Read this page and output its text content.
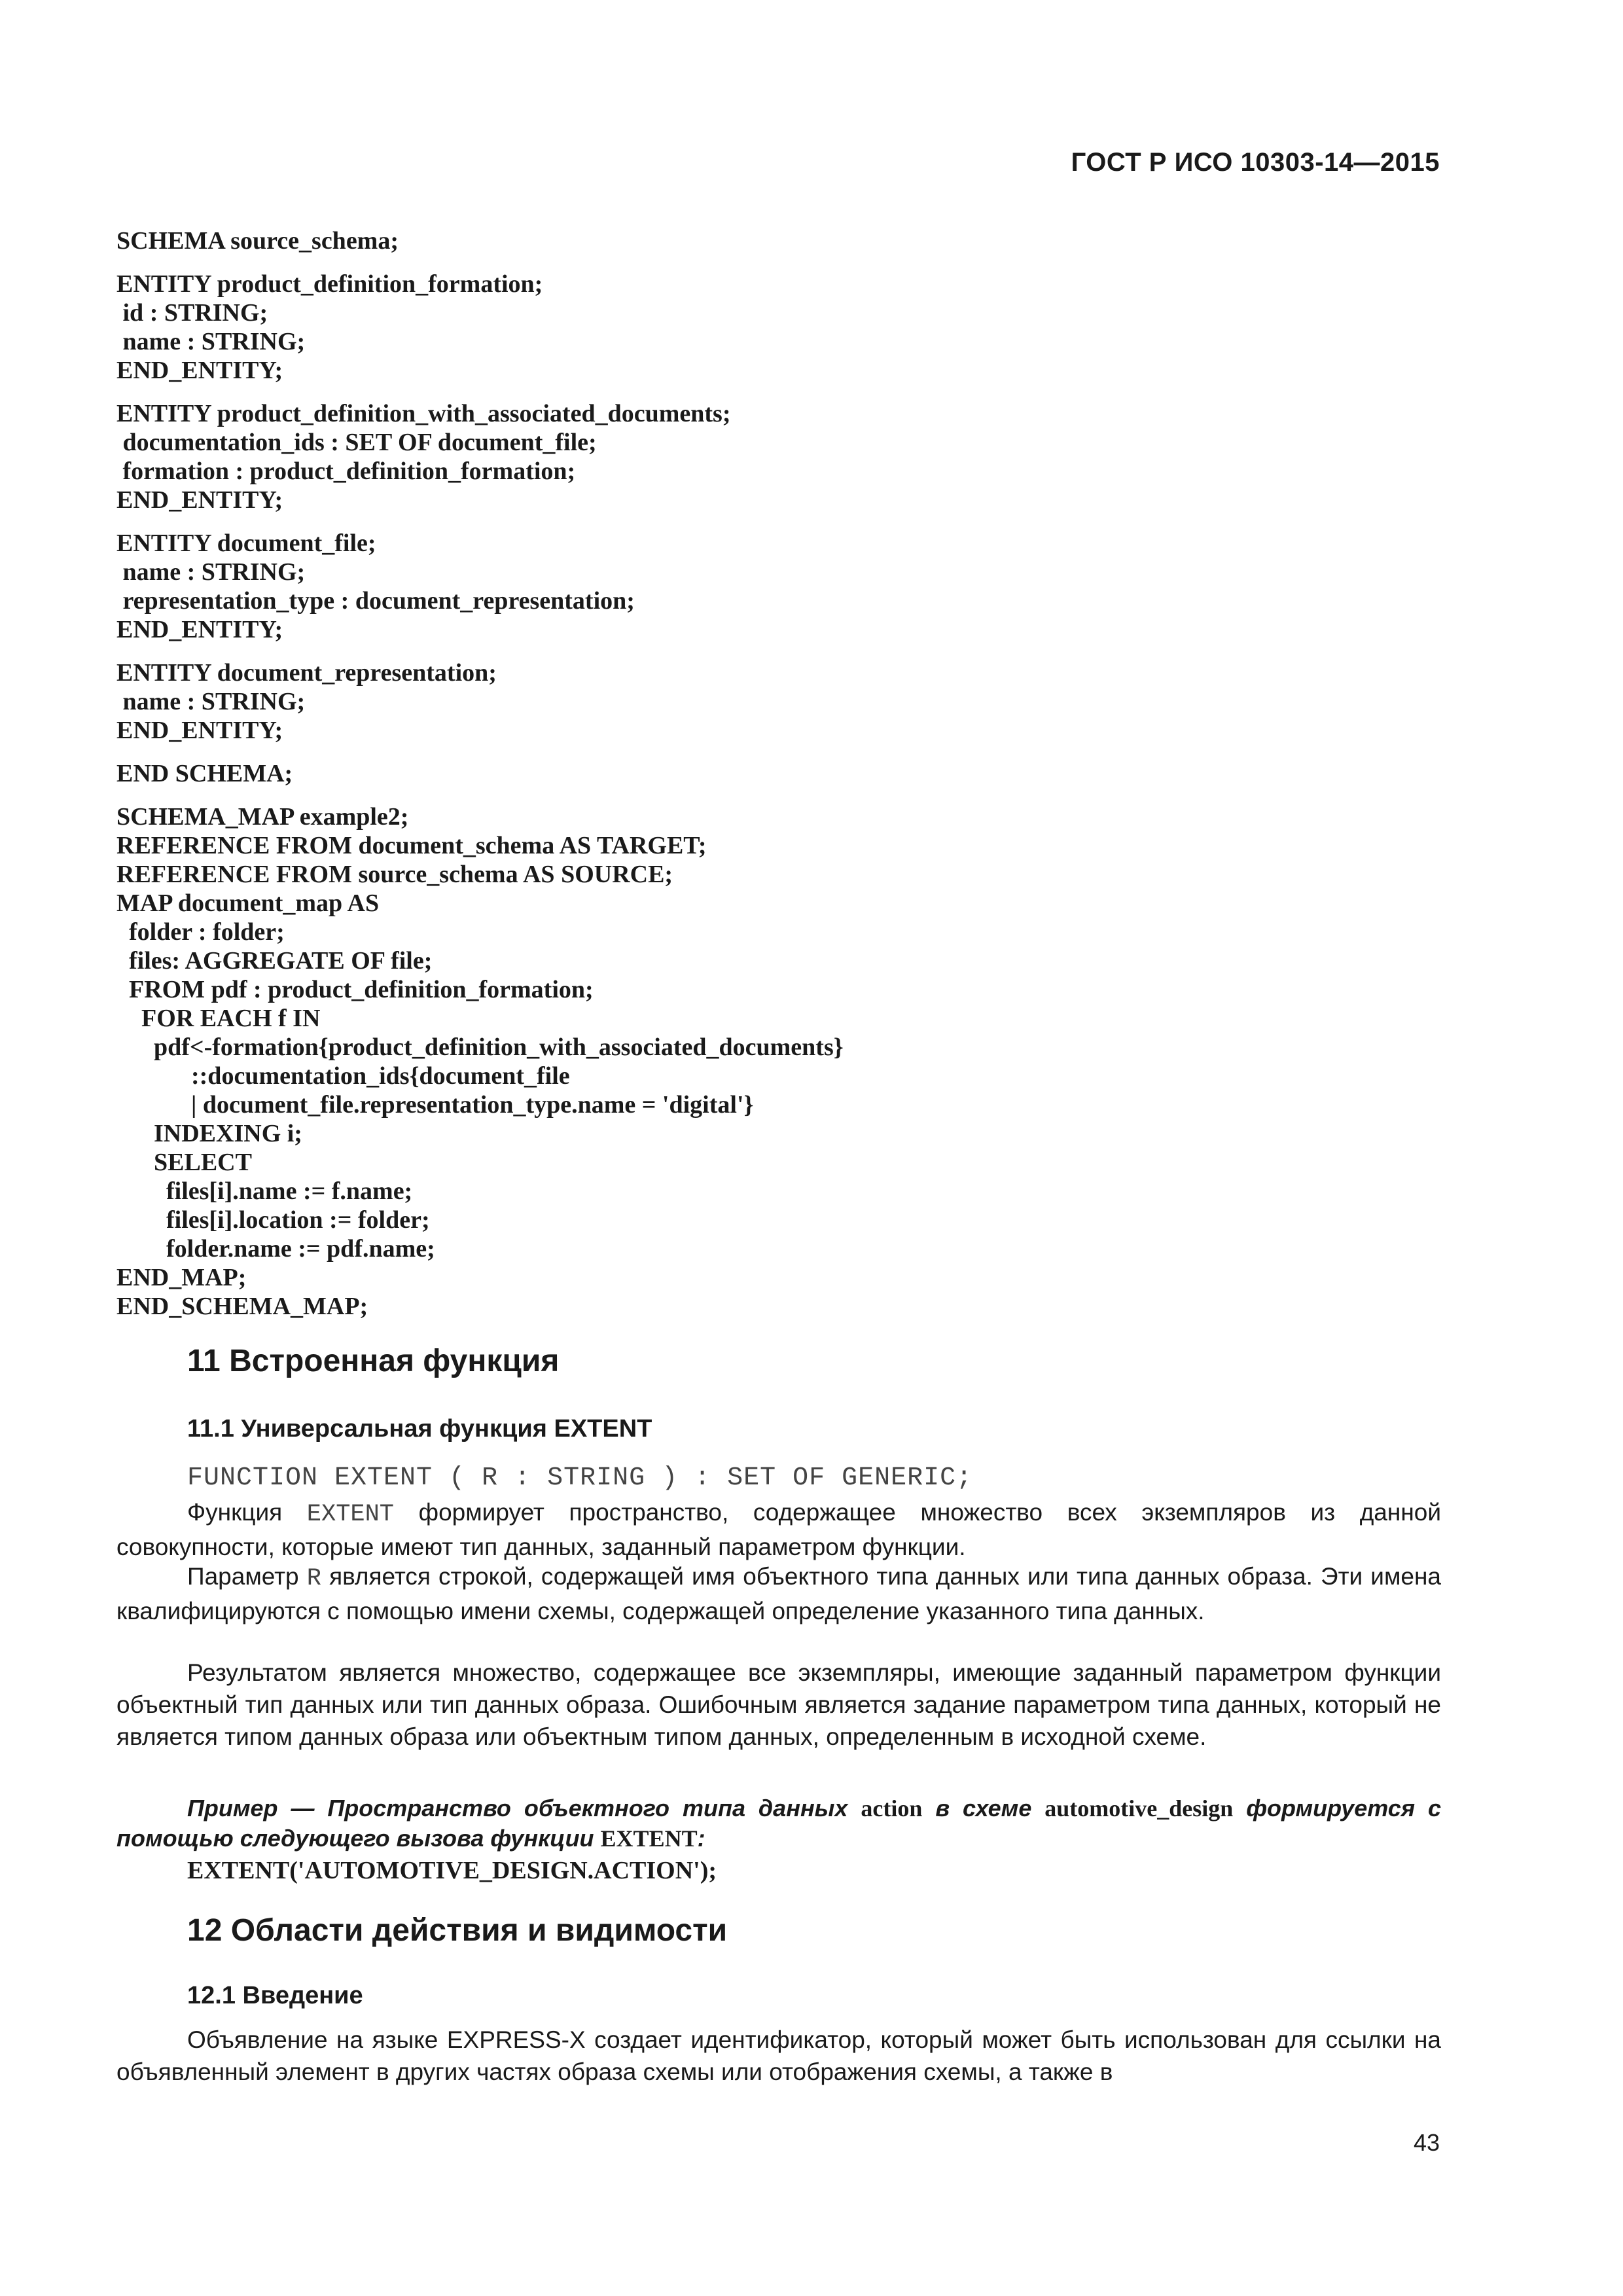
ГОСТ Р ИСО 10303-14—2015
SCHEMA source_schema;
ENTITY product_definition_formation;
id : STRING;
name : STRING;
END_ENTITY;
ENTITY product_definition_with_associated_documents;
documentation_ids : SET OF document_file;
formation : product_definition_formation;
END_ENTITY;
ENTITY document_file;
name : STRING;
representation_type : document_representation;
END_ENTITY;
ENTITY document_representation;
name : STRING;
END_ENTITY;
END SCHEMA;
SCHEMA_MAP example2;
REFERENCE FROM document_schema AS TARGET;
REFERENCE FROM source_schema AS SOURCE;
MAP document_map AS
folder : folder;
files: AGGREGATE OF file;
FROM pdf : product_definition_formation;
FOR EACH f IN
pdf<-formation{product_definition_with_associated_documents}
::documentation_ids{document_file
| document_file.representation_type.name = 'digital'}
INDEXING i;
SELECT
files[i].name := f.name;
files[i].location := folder;
folder.name := pdf.name;
END_MAP;
END_SCHEMA_MAP;
11 Встроенная функция
11.1 Универсальная функция EXTENT
FUNCTION EXTENT ( R : STRING ) : SET OF GENERIC;
Функция EXTENT формирует пространство, содержащее множество всех экземпляров из данной совокупности, которые имеют тип данных, заданный параметром функции.
Параметр R является строкой, содержащей имя объектного типа данных или типа данных образа. Эти имена квалифицируются с помощью имени схемы, содержащей определение указанного типа данных.
Результатом является множество, содержащее все экземпляры, имеющие заданный параметром функции объектный тип данных или тип данных образа. Ошибочным является задание параметром типа данных, который не является типом данных образа или объектным типом данных, определенным в исходной схеме.
Пример — Пространство объектного типа данных action в схеме automotive_design формируется с помощью следующего вызова функции EXTENT:
EXTENT('AUTOMOTIVE_DESIGN.ACTION');
12 Области действия и видимости
12.1 Введение
Объявление на языке EXPRESS-X создает идентификатор, который может быть использован для ссылки на объявленный элемент в других частях образа схемы или отображения схемы, а также в
43
